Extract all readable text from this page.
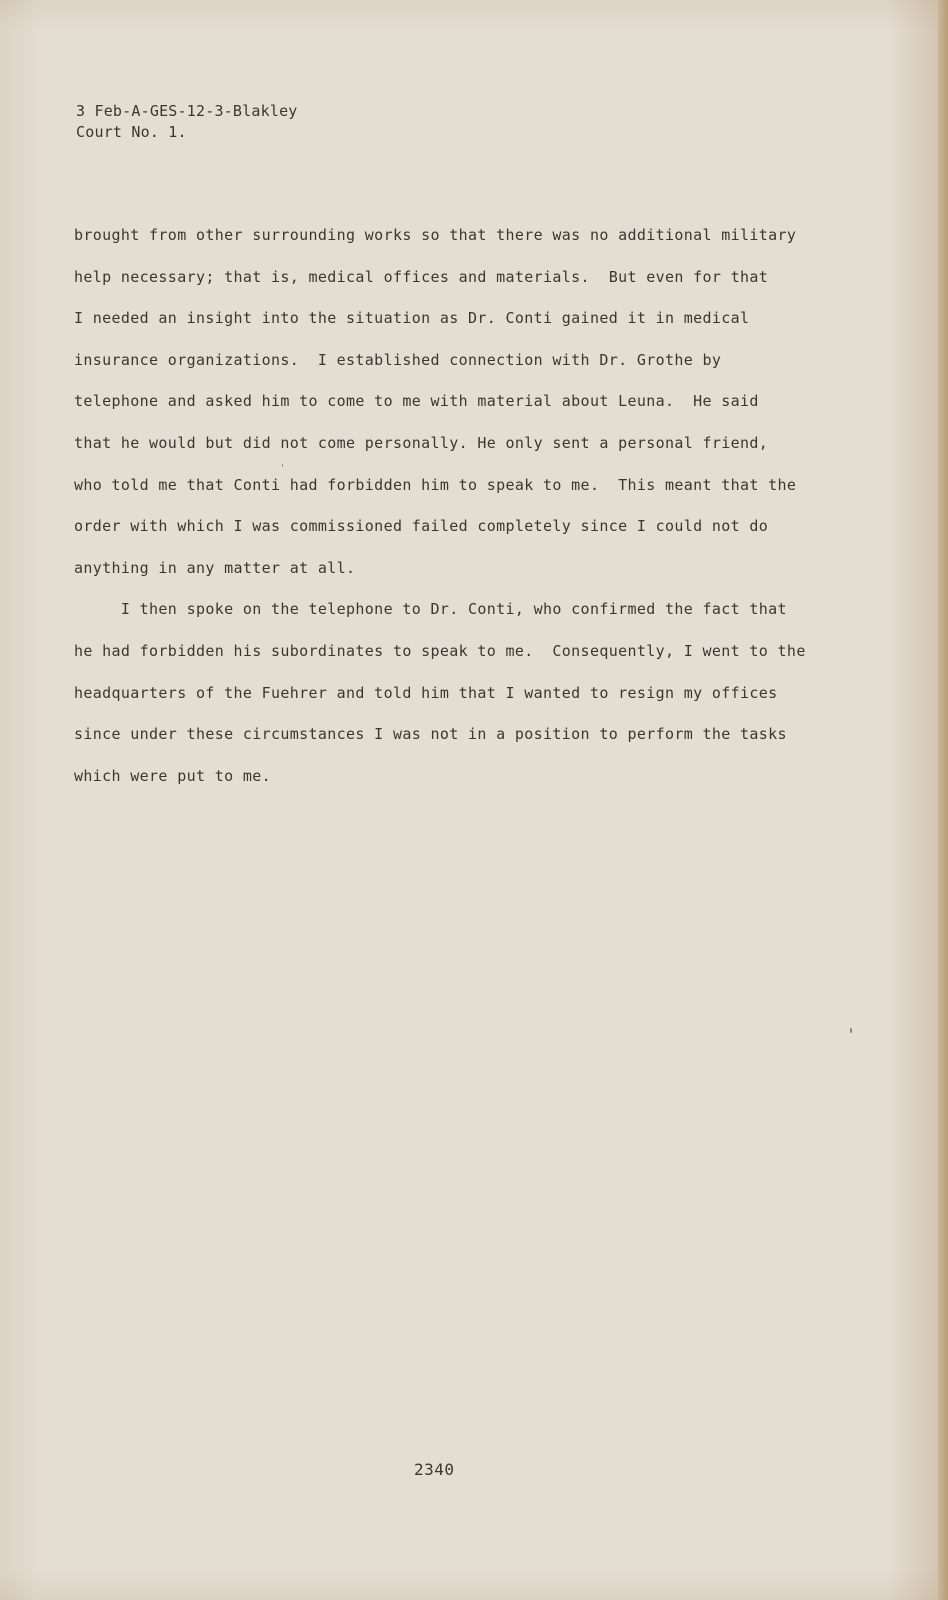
3 Feb-A-GES-12-3-Blakley
Court No. 1.
brought from other surrounding works so that there was no additional military
help necessary; that is, medical offices and materials.  But even for that
I needed an insight into the situation as Dr. Conti gained it in medical
insurance organizations.  I established connection with Dr. Grothe by
telephone and asked him to come to me with material about Leuna.  He said
that he would but did not come personally. He only sent a personal friend,
who told me that Conti had forbidden him to speak to me.  This meant that the
order with which I was commissioned failed completely since I could not do
anything in any matter at all.
I then spoke on the telephone to Dr. Conti, who confirmed the fact that
he had forbidden his subordinates to speak to me.  Consequently, I went to the
headquarters of the Fuehrer and told him that I wanted to resign my offices
since under these circumstances I was not in a position to perform the tasks
which were put to me.
2340
